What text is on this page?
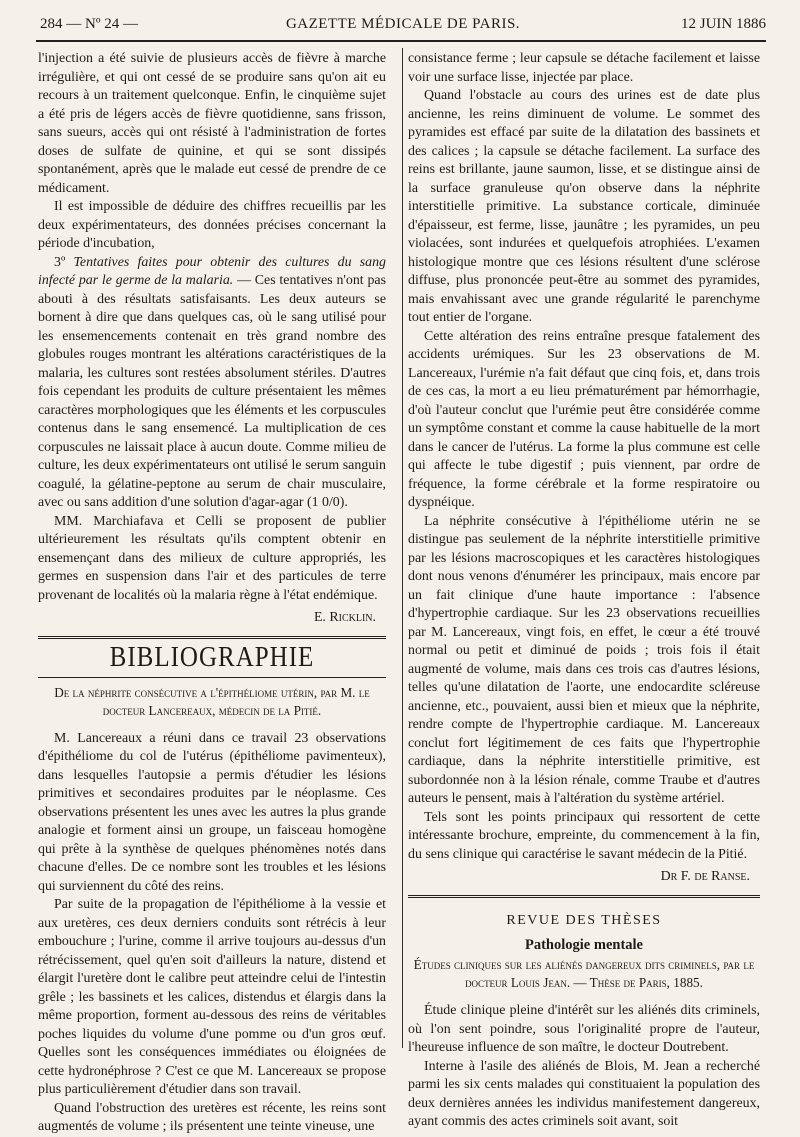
284 — Nº 24 —	GAZETTE MÉDICALE DE PARIS.	12 JUIN 1886

l'injection a été suivie de plusieurs accès de fièvre à marche irrégulière, et qui ont cessé de se produire sans qu'on ait eu recours à un traitement quelconque. Enfin, le cinquième sujet a été pris de légers accès de fièvre quotidienne, sans frisson, sans sueurs, accès qui ont résisté à l'administration de fortes doses de sulfate de quinine, et qui se sont dissipés spontanément, après que le malade eut cessé de prendre de ce médicament.

Il est impossible de déduire des chiffres recueillis par les deux expérimentateurs, des données précises concernant la période d'incubation,

3º Tentatives faites pour obtenir des cultures du sang infecté par le germe de la malaria. — Ces tentatives n'ont pas abouti à des résultats satisfaisants. Les deux auteurs se bornent à dire que dans quelques cas, où le sang utilisé pour les ensemencements contenait en très grand nombre des globules rouges montrant les altérations caractéristiques de la malaria, les cultures sont restées absolument stériles. D'autres fois cependant les produits de culture présentaient les mêmes caractères morphologiques que les éléments et les corpuscules contenus dans le sang ensemencé. La multiplication de ces corpuscules ne laissait place à aucun doute. Comme milieu de culture, les deux expérimentateurs ont utilisé le serum sanguin coagulé, la gélatine-peptone au serum de chair musculaire, avec ou sans addition d'une solution d'agar-agar (1 0/0).

MM. Marchiafava et Celli se proposent de publier ultérieurement les résultats qu'ils comptent obtenir en ensemençant dans des milieux de culture appropriés, les germes en suspension dans l'air et des particules de terre provenant de localités où la malaria règne à l'état endémique.

E. Ricklin.
BIBLIOGRAPHIE
De la néphrite consécutive a l'épithéliome utérin, par M. le docteur Lancereaux, médecin de la Pitié.

M. Lancereaux a réuni dans ce travail 23 observations d'épithéliome du col de l'utérus (épithéliome pavimenteux), dans lesquelles l'autopsie a permis d'étudier les lésions primitives et secondaires produites par le néoplasme. Ces observations présentent les unes avec les autres la plus grande analogie et forment ainsi un groupe, un faisceau homogène qui prête à la synthèse de quelques phénomènes notés dans chacune d'elles. De ce nombre sont les troubles et les lésions qui surviennent du côté des reins.

Par suite de la propagation de l'épithéliome à la vessie et aux uretères, ces deux derniers conduits sont rétrécis à leur embouchure ; l'urine, comme il arrive toujours au-dessus d'un rétrécissement, quel qu'en soit d'ailleurs la nature, distend et élargit l'uretère dont le calibre peut atteindre celui de l'intestin grêle ; les bassinets et les calices, distendus et élargis dans la même proportion, forment au-dessous des reins de véritables poches liquides du volume d'une pomme ou d'un gros œuf. Quelles sont les conséquences immédiates ou éloignées de cette hydronéphrose ? C'est ce que M. Lancereaux se propose plus particulièrement d'étudier dans son travail.

Quand l'obstruction des uretères est récente, les reins sont augmentés de volume ; ils présentent une teinte vineuse, une

consistance ferme ; leur capsule se détache facilement et laisse voir une surface lisse, injectée par place.

Quand l'obstacle au cours des urines est de date plus ancienne, les reins diminuent de volume. Le sommet des pyramides est effacé par suite de la dilatation des bassinets et des calices ; la capsule se détache facilement. La surface des reins est brillante, jaune saumon, lisse, et se distingue ainsi de la surface granuleuse qu'on observe dans la néphrite interstitielle primitive. La substance corticale, diminuée d'épaisseur, est ferme, lisse, jaunâtre ; les pyramides, un peu violacées, sont indurées et quelquefois atrophiées. L'examen histologique montre que ces lésions résultent d'une sclérose diffuse, plus prononcée peut-être au sommet des pyramides, mais envahissant avec une grande régularité le parenchyme tout entier de l'organe.

Cette altération des reins entraîne presque fatalement des accidents urémiques. Sur les 23 observations de M. Lancereaux, l'urémie n'a fait défaut que cinq fois, et, dans trois de ces cas, la mort a eu lieu prématurément par hémorrhagie, d'où l'auteur conclut que l'urémie peut être considérée comme un symptôme constant et comme la cause habituelle de la mort dans le cancer de l'utérus. La forme la plus commune est celle qui affecte le tube digestif ; puis viennent, par ordre de fréquence, la forme cérébrale et la forme respiratoire ou dyspnéique.

La néphrite consécutive à l'épithéliome utérin ne se distingue pas seulement de la néphrite interstitielle primitive par les lésions macroscopiques et les caractères histologiques dont nous venons d'énumérer les principaux, mais encore par un fait clinique d'une haute importance : l'absence d'hypertrophie cardiaque. Sur les 23 observations recueillies par M. Lancereaux, vingt fois, en effet, le cœur a été trouvé normal ou petit et diminué de poids ; trois fois il était augmenté de volume, mais dans ces trois cas d'autres lésions, telles qu'une dilatation de l'aorte, une endocardite scléreuse ancienne, etc., pouvaient, aussi bien et mieux que la néphrite, rendre compte de l'hypertrophie cardiaque. M. Lancereaux conclut fort légitimement de ces faits que l'hypertrophie cardiaque, dans la néphrite interstitielle primitive, est subordonnée non à la lésion rénale, comme Traube et d'autres auteurs le pensent, mais à l'altération du système artériel.

Tels sont les points principaux qui ressortent de cette intéressante brochure, empreinte, du commencement à la fin, du sens clinique qui caractérise le savant médecin de la Pitié.

Dr F. de Ranse.
REVUE DES THÈSES
Pathologie mentale
Études cliniques sur les aliénés dangereux dits criminels, par le docteur Louis Jean. — Thèse de Paris, 1885.

Étude clinique pleine d'intérêt sur les aliénés dits criminels, où l'on sent poindre, sous l'originalité propre de l'auteur, l'heureuse influence de son maître, le docteur Doutrebent.

Interne à l'asile des aliénés de Blois, M. Jean a recherché parmi les six cents malades qui constituaient la population des deux dernières années les individus manifestement dangereux, ayant commis des actes criminels soit avant, soit
